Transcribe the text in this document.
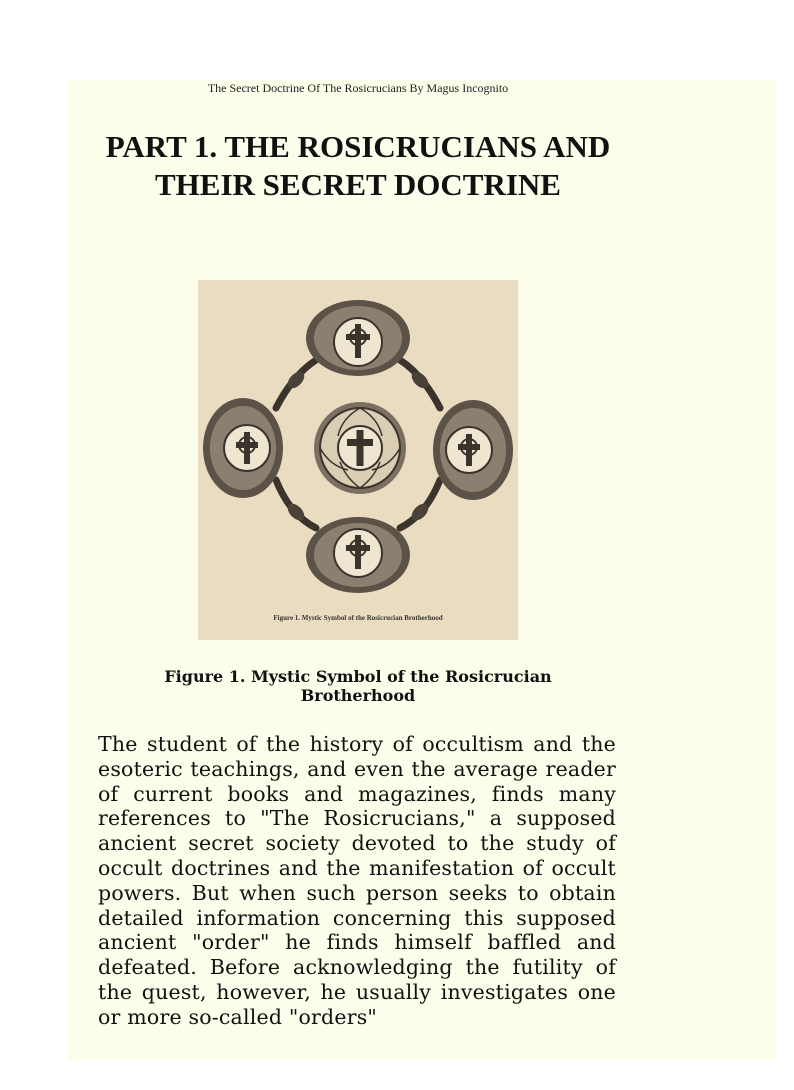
The Secret Doctrine Of The Rosicrucians By Magus Incognito
PART 1. THE ROSICRUCIANS AND THEIR SECRET DOCTRINE
Figure 1. Mystic Symbol of the Rosicrucian Brotherhood
Figure 1. Mystic Symbol of the Rosicrucian Brotherhood

The student of the history of occultism and the esoteric teachings, and even the average reader of current books and magazines, finds many references to "The Rosicrucians," a supposed ancient secret society devoted to the study of occult doctrines and the manifestation of occult powers. But when such person seeks to obtain detailed information concerning this supposed ancient "order" he finds himself baffled and defeated. Before acknowledging the futility of the quest, however, he usually investigates one or more so-called "orders"
